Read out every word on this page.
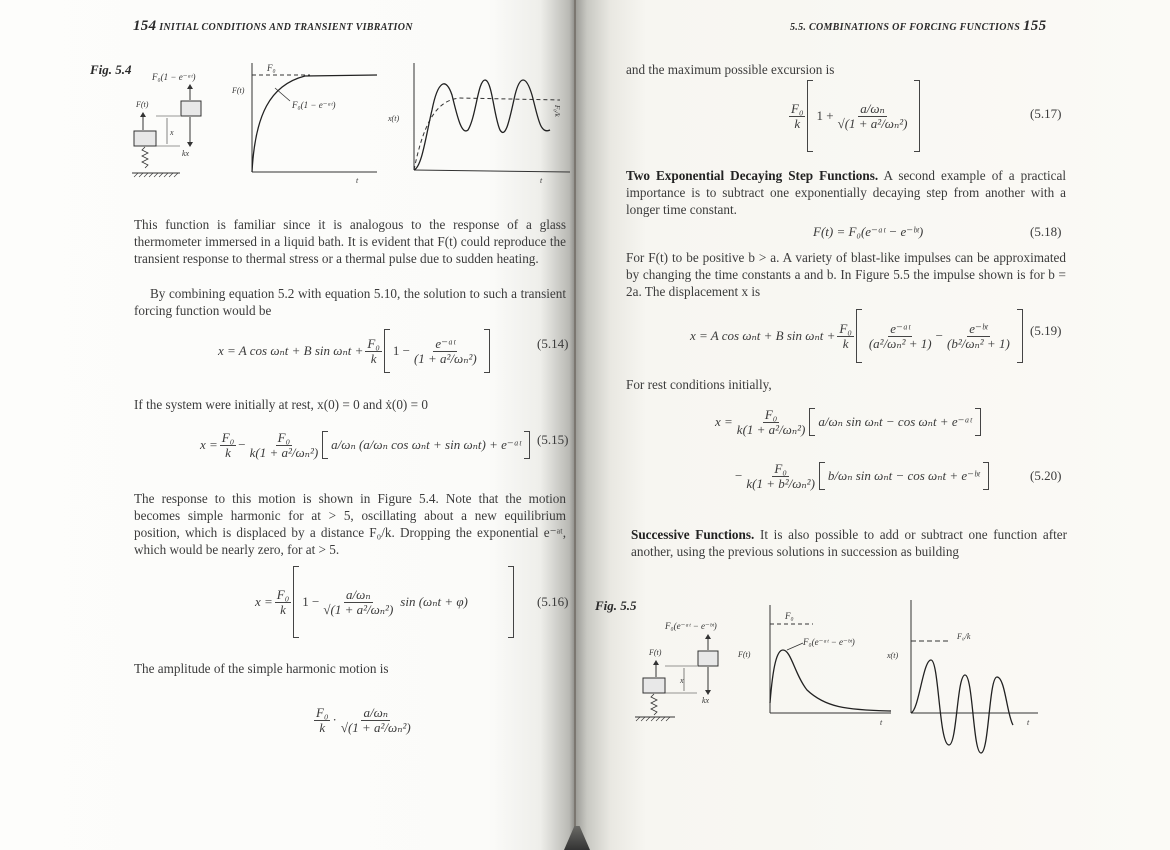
154 INITIAL CONDITIONS AND TRANSIENT VIBRATION
Fig. 5.4 F₀(1 − e⁻ᵃᵗ)
kx
F(t)
x
F(t)
F₀
F₀(1 − e⁻ᵃᵗ)
t
x(t)
F₀/k
t
This function is familiar since it is analogous to the response of a glass thermometer immersed in a liquid bath. It is evident that F(t) could reproduce the transient response to thermal stress or a thermal pulse due to sudden heating.
By combining equation 5.2 with equation 5.10, the solution to such a transient forcing function would be
x = A cos ωₙt + B $\sin \omega_nt + \frac{\text{F₀}}{k} 1 - \frac{\text{e⁻ᵃᵗ}}{\text{(1 + a²/ωₙ²)}}$	(5.14)
If the system were initially at rest, x(0) = 0 and ẋ(0) = 0
$x = \frac{\text{F₀}}{k} - \frac{\text{F₀}}{\text{k(1 + a²/ωₙ²)}} a/\omega_n$ (a/ωₙ cos ωₙt + sin ωₙt) + e⁻ᵃᵗ (5.15)
The response to this motion is shown in Figure 5.4. Note that the motion becomes simple harmonic for at > 5, oscillating about a new equilibrium position, which is displaced by a distance F₀/k. Dropping the exponential e⁻ᵃᵗ, which would be nearly zero, for at > 5.
$x = \frac{\text{F₀}}{k} 1 - \frac{\text{a/ωₙ}}{\text{√(1 + a²/ωₙ²)}}$ sin (ωₙt + φ)	(5.16)
The amplitude of the simple harmonic motion is
$\frac{\text{F₀}}{k} \cdot \frac{\text{a/ωₙ}}{\text{√(1 + a²/ωₙ²)}}$
5.5. COMBINATIONS OF FORCING FUNCTIONS 155
and the maximum possible excursion is
$\frac{\text{F₀}}{k} 1 + \frac{\text{a/ωₙ}}{\text{√(1 + a²/ωₙ²)}}$	(5.17)
Two Exponential Decaying Step Functions. A second example of a practical importance is to subtract one exponentially decaying step from another with a longer time constant.
F(t) = F₀(e⁻ᵃᵗ − e⁻ᵇᵗ)	(5.18)
For F(t) to be positive b > a. A variety of blast-like impulses can be approximated by changing the time constants a and b. In Figure 5.5 the impulse shown is for b = 2a. The displacement x is
x = A cos ωₙt + B $\sin \omega_nt + \frac{\text{F₀}}{k} \frac{\text{e⁻ᵃᵗ}}{\text{(a²/ωₙ² + 1)}} - \frac{\text{e⁻ᵇᵗ}}{\text{(b²/ωₙ² + 1)}} (5.19)$
For rest conditions initially,
$x = \frac{\text{F₀}}{\text{k(1 + a²/ωₙ²)}} a/\omega_n$ sin ωₙt − cos ωₙt + e⁻ᵃᵗ
− $\frac{\text{F₀}}{\text{k(1 + b²/ωₙ²)}} b/\omega_n$ sin ωₙt − cos ωₙt + e⁻ᵇᵗ	(5.20)
Successive Functions. It is also possible to add or subtract one function after another, using the previous solutions in succession as building
Fig. 5.5
F₀(e⁻ᵃᵗ − e⁻ᵇᵗ)
kx
F(t)
x
F₀
F(t)
F₀(e⁻ᵃᵗ − e⁻ᵇᵗ)
t
F₀/k
x(t)
t
